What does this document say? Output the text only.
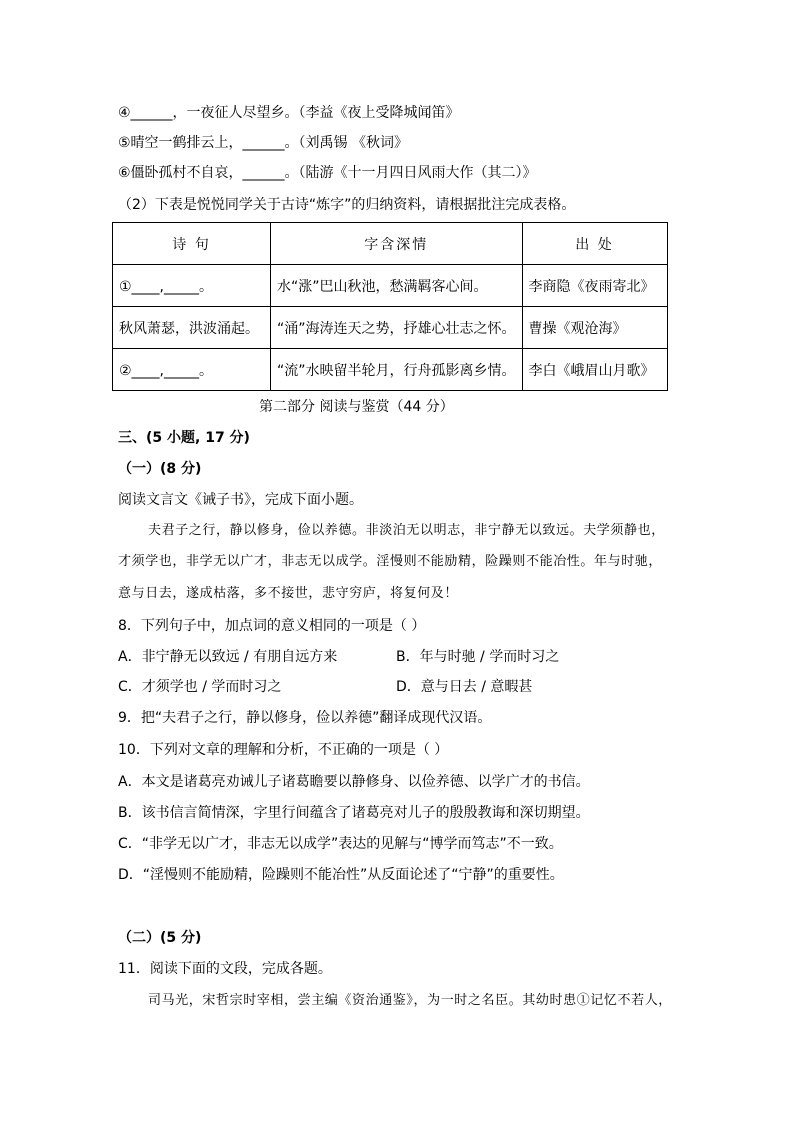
④______，一夜征人尽望乡。（李益《夜上受降城闻笛》
⑤晴空一鹤排云上，______。（刘禹锡 《秋词》
⑥僵卧孤村不自哀，______。（陆游《十一月四日风雨大作（其二）》
（2）下表是悦悦同学关于古诗“炼字”的归纳资料，请根据批注完成表格。
诗 句	字含深情	出 处
①____,_____。	水“涨”巴山秋池，愁满羁客心间。	李商隐《夜雨寄北》
秋风萧瑟，洪波涌起。	“涌”海涛连天之势，抒雄心壮志之怀。	曹操《观沧海》
②____,_____。	“流”水映留半轮月，行舟孤影离乡情。	李白《峨眉山月歌》
第二部分 阅读与鉴赏（44 分）
三、(5 小题, 17 分)
（一）(8 分)
阅读文言文《诫子书》，完成下面小题。
夫君子之行，静以修身，俭以养德。非淡泊无以明志，非宁静无以致远。夫学须静也，
才须学也，非学无以广才，非志无以成学。淫慢则不能励精，险躁则不能冶性。年与时驰，
意与日去，遂成枯落，多不接世，悲守穷庐，将复何及！
8．下列句子中，加点词的意义相同的一项是（ ）
A．非宁静无以致远 / 有朋自远方来	B．年与时驰 / 学而时习之
C．才须学也 / 学而时习之	D．意与日去 / 意暇甚
9．把“夫君子之行，静以修身，俭以养德”翻译成现代汉语。
10．下列对文章的理解和分析，不正确的一项是（ ）
A．本文是诸葛亮劝诫儿子诸葛瞻要以静修身、以俭养德、以学广才的书信。
B．该书信言简情深，字里行间蕴含了诸葛亮对儿子的殷殷教诲和深切期望。
C．“非学无以广才，非志无以成学”表达的见解与“博学而笃志”不一致。
D．“淫慢则不能励精，险躁则不能冶性”从反面论述了“宁静”的重要性。
（二）(5 分)
11．阅读下面的文段，完成各题。
司马光，宋哲宗时宰相，尝主编《资治通鉴》，为一时之名臣。其幼时患①记忆不若人，
